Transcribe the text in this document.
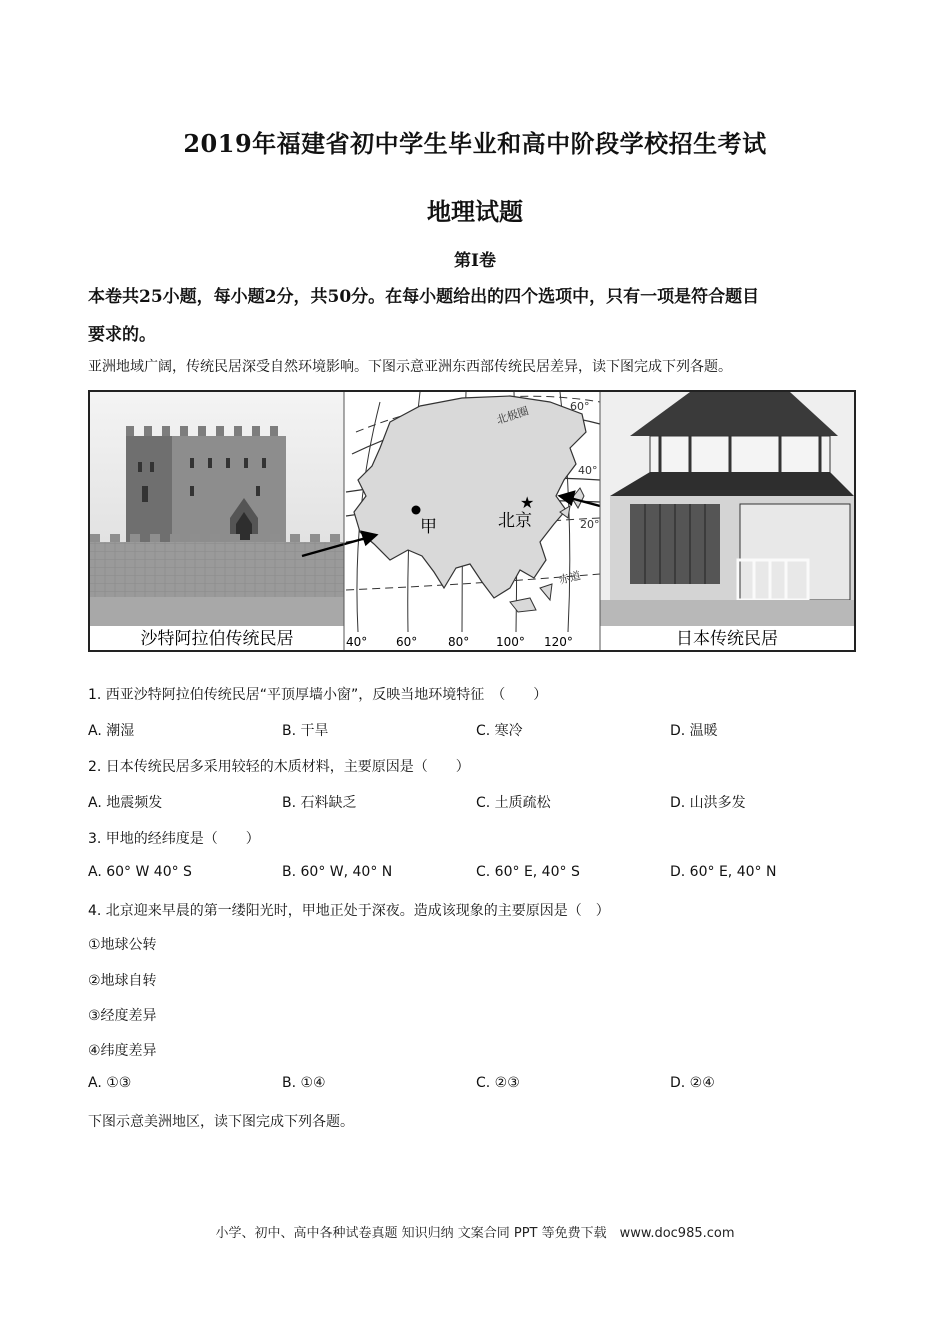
2019年福建省初中学生毕业和高中阶段学校招生考试
地理试题
第I卷
本卷共25小题，每小题2分，共50分。在每小题给出的四个选项中，只有一项是符合题目
要求的。
亚洲地域广阔，传统民居深受自然环境影响。下图示意亚洲东西部传统民居差异，读下图完成下列各题。
沙特阿拉伯传统民居
甲
★
北京
北极圈
赤道
60°
40°
20°
40° 60°	80° 100° 120°	日本传统民居
1. 西亚沙特阿拉伯传统民居“平顶厚墙小窗”，反映当地环境特征　（　　）
A. 潮湿	B. 干旱	C. 寒冷	D. 温暖
2. 日本传统民居多采用较轻的木质材料，主要原因是（　　）
A. 地震频发	B. 石料缺乏	C. 土质疏松	D. 山洪多发
3. 甲地的经纬度是（　　）
A. 60° W 40° S	B. 60° W, 40° N	C. 60° E, 40° S	D. 60° E, 40° N
4. 北京迎来早晨的第一缕阳光时，甲地正处于深夜。造成该现象的主要原因是（　）
①地球公转
②地球自转
③经度差异
④纬度差异
A. ①③	B. ①④	C. ②③	D. ②④
下图示意美洲地区，读下图完成下列各题。
小学、初中、高中各种试卷真题 知识归纳 文案合同 PPT 等免费下载　www.doc985.com
